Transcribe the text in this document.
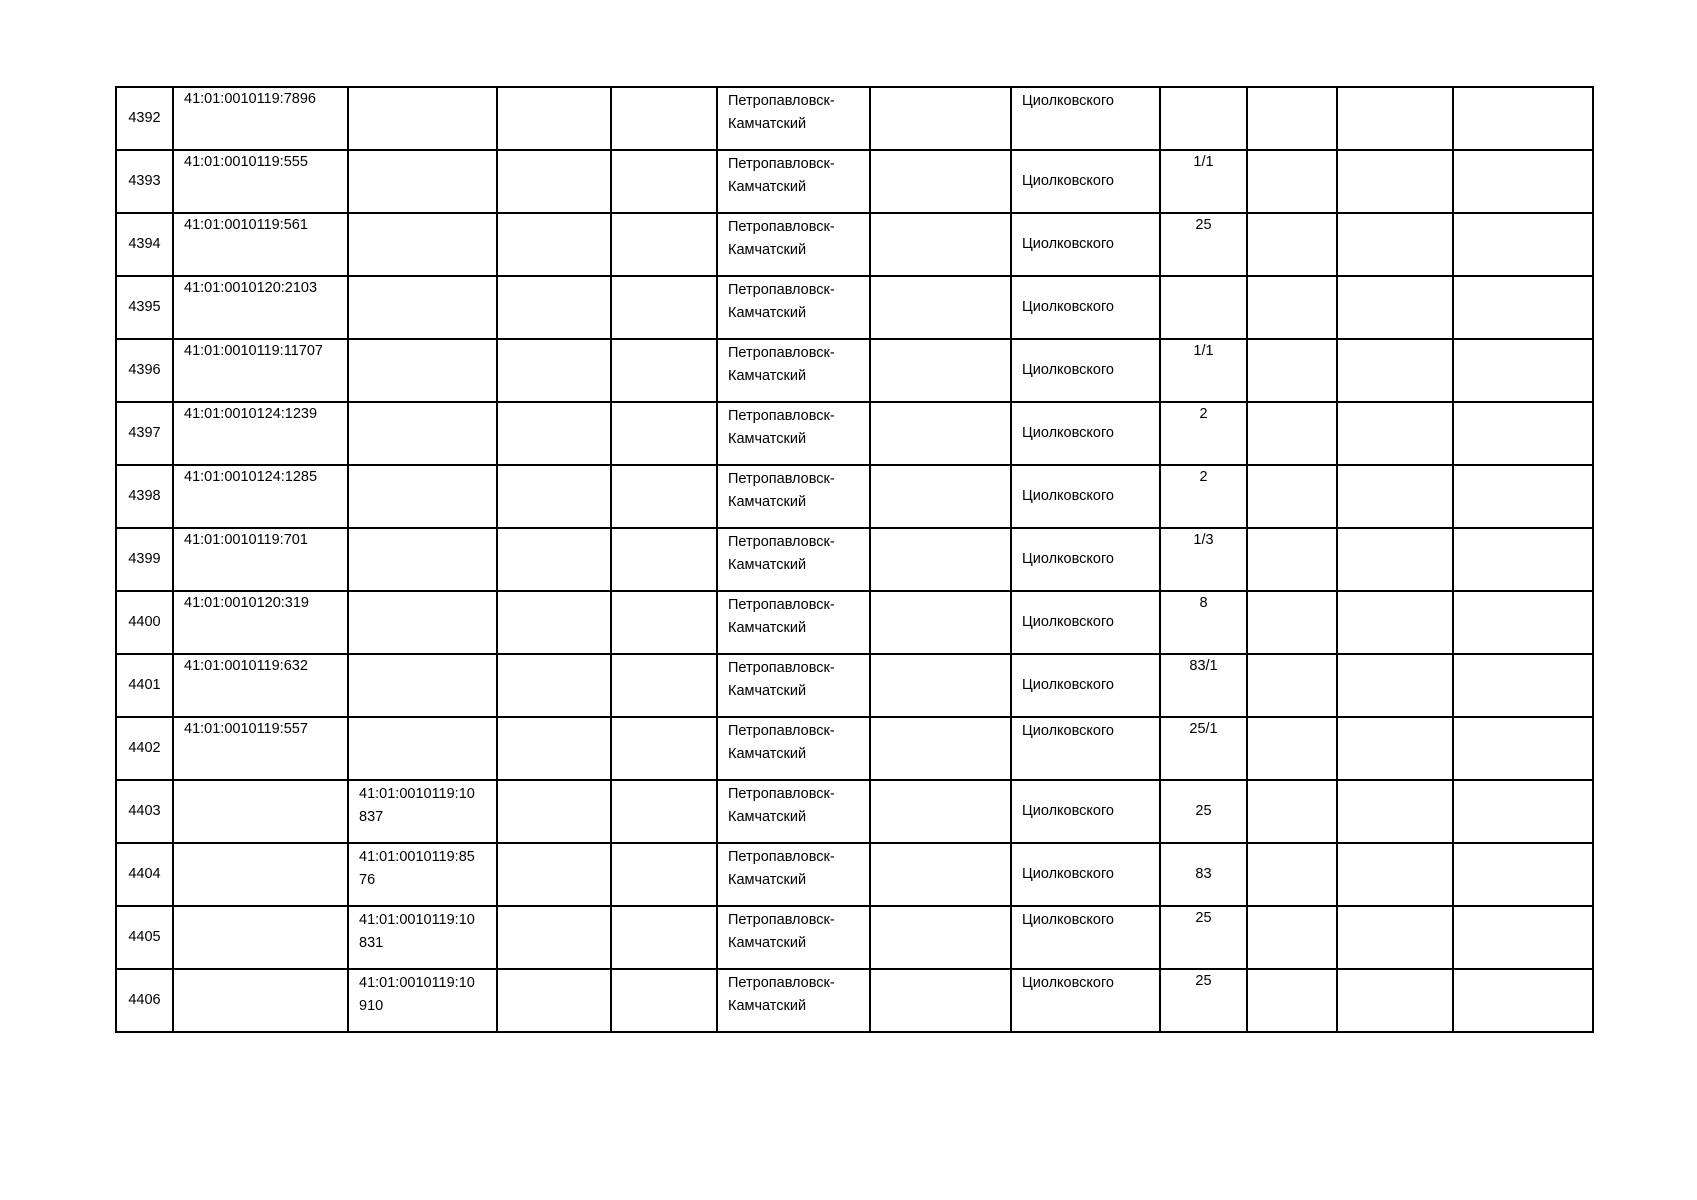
4392	41:01:0010119:7896				Петропавловск-Камчатский		Циолковского				

4393	41:01:0010119:555				Петропавловск-Камчатский		Циолковского	1/1			

4394	41:01:0010119:561				Петропавловск-Камчатский		Циолковского	25			

4395	41:01:0010120:2103				Петропавловск-Камчатский		Циолковского				

4396	41:01:0010119:11707				Петропавловск-Камчатский		Циолковского	1/1			

4397	41:01:0010124:1239				Петропавловск-Камчатский		Циолковского	2			

4398	41:01:0010124:1285				Петропавловск-Камчатский		Циолковского	2			

4399	41:01:0010119:701				Петропавловск-Камчатский		Циолковского	1/3			

4400	41:01:0010120:319				Петропавловск-Камчатский		Циолковского	8			

4401	41:01:0010119:632				Петропавловск-Камчатский		Циолковского	83/1			

4402	41:01:0010119:557				Петропавловск-Камчатский		Циолковского	25/1			

4403		41:01:0010119:10837			Петропавловск-Камчатский		Циолковского	25			

4404		41:01:0010119:8576			Петропавловск-Камчатский		Циолковского	83			

4405		41:01:0010119:10831			Петропавловск-Камчатский		Циолковского	25			

4406		41:01:0010119:10910			Петропавловск-Камчатский		Циолковского	25			
